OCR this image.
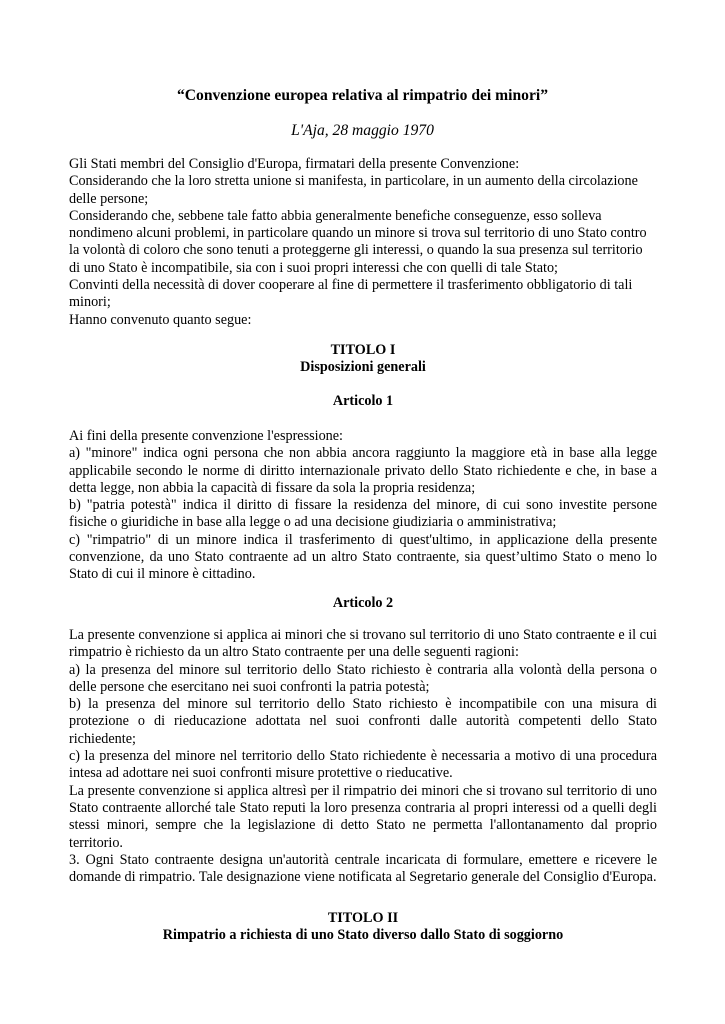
“Convenzione europea relativa al rimpatrio dei minori”
L'Aja, 28 maggio 1970

Gli Stati membri del Consiglio d'Europa, firmatari della presente Convenzione:

Considerando che la loro stretta unione si manifesta, in particolare, in un aumento della circolazione delle persone;

Considerando che, sebbene tale fatto abbia generalmente benefiche conseguenze, esso solleva nondimeno alcuni problemi, in particolare quando un minore si trova sul territorio di uno Stato contro la volontà di coloro che sono tenuti a proteggerne gli interessi, o quando la sua presenza sul territorio di uno Stato è incompatibile, sia con i suoi propri interessi che con quelli di tale Stato;

Convinti della necessità di dover cooperare al fine di permettere il trasferimento obbligatorio di tali minori;

Hanno convenuto quanto segue:

TITOLO I
Disposizioni generali
Articolo 1

Ai fini della presente convenzione l'espressione:

a) "minore" indica ogni persona che non abbia ancora raggiunto la maggiore età in base alla legge applicabile secondo le norme di diritto internazionale privato dello Stato richiedente e che, in base a detta legge, non abbia la capacità di fissare da sola la propria residenza;

b) "patria potestà" indica il diritto di fissare la residenza del minore, di cui sono investite persone fisiche o giuridiche in base alla legge o ad una decisione giudiziaria o amministrativa;

c) "rimpatrio" di un minore indica il trasferimento di quest'ultimo, in applicazione della presente convenzione, da uno Stato contraente ad un altro Stato contraente, sia quest’ultimo Stato o meno lo Stato di cui il minore è cittadino.

Articolo 2

La presente convenzione si applica ai minori che si trovano sul territorio di uno Stato contraente e il cui rimpatrio è richiesto da un altro Stato contraente per una delle seguenti ragioni:

a) la presenza del minore sul territorio dello Stato richiesto è contraria alla volontà della persona o delle persone che esercitano nei suoi confronti la patria potestà;

b) la presenza del minore sul territorio dello Stato richiesto è incompatibile con una misura di protezione o di rieducazione adottata nel suoi confronti dalle autorità competenti dello Stato richiedente;

c) la presenza del minore nel territorio dello Stato richiedente è necessaria a motivo di una procedura intesa ad adottare nei suoi confronti misure protettive o rieducative.

La presente convenzione si applica altresì per il rimpatrio dei minori che si trovano sul territorio di uno Stato contraente allorché tale Stato reputi la loro presenza contraria al propri interessi od a quelli degli stessi minori, sempre che la legislazione di detto Stato ne permetta l'allontanamento dal proprio territorio.

3. Ogni Stato contraente designa un'autorità centrale incaricata di formulare, emettere e ricevere le domande di rimpatrio. Tale designazione viene notificata al Segretario generale del Consiglio d'Europa.

TITOLO II
Rimpatrio a richiesta di uno Stato diverso dallo Stato di soggiorno
